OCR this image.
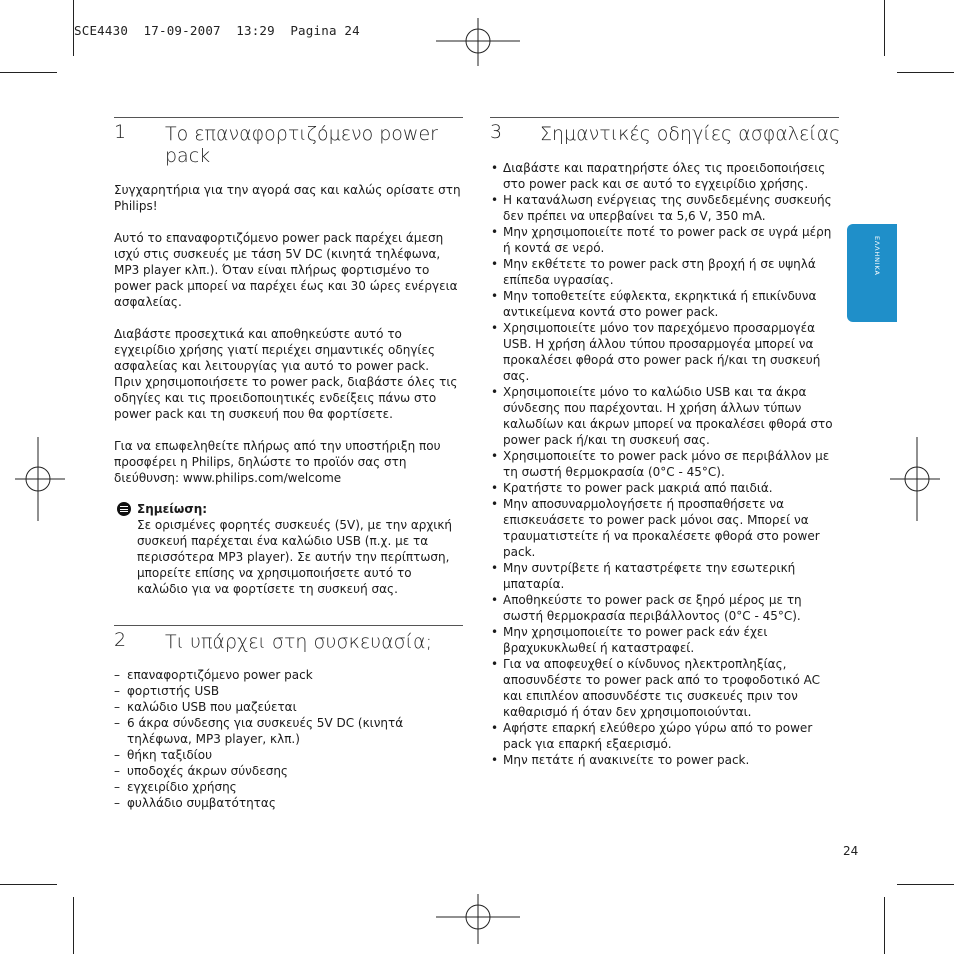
SCE4430  17-09-2007  13:29  Pagina 24
ΕΛΛΗΝΙΚΑ
1 Το επαναφορτιζόμενο power
pack

Συγχαρητήρια για την αγορά σας και καλώς ορίσατε στη Philips!

Αυτό το επαναφορτιζόμενο power pack παρέχει άμεση ισχύ στις συσκευές με τάση 5V DC (κινητά τηλέφωνα, MP3 player κλπ.). Όταν είναι πλήρως φορτισμένο το power pack μπορεί να παρέχει έως και 30 ώρες ενέργεια ασφαλείας.

Διαβάστε προσεχτικά και αποθηκεύστε αυτό το εγχειρίδιο χρήσης γιατί περιέχει σημαντικές οδηγίες ασφαλείας και λειτουργίας για αυτό το power pack.

Πριν χρησιμοποιήσετε το power pack, διαβάστε όλες τις οδηγίες και τις προειδοποιητικές ενδείξεις πάνω στο power pack και τη συσκευή που θα φορτίσετε.

Για να επωφεληθείτε πλήρως από την υποστήριξη που προσφέρει η Philips, δηλώστε το προϊόν σας στη διεύθυνση: www.philips.com/welcome

Σημείωση:
Σε ορισμένες φορητές συσκευές (5V), με την αρχική συσκευή παρέχεται ένα καλώδιο USB (π.χ. με τα περισσότερα MP3 player). Σε αυτήν την περίπτωση, μπορείτε επίσης να χρησιμοποιήσετε αυτό το καλώδιο για να φορτίσετε τη συσκευή σας.
2 Τι υπάρχει στη συσκευασία;
– επαναφορτιζόμενο power pack
– φορτιστής USB
– καλώδιο USB που μαζεύεται
– 6 άκρα σύνδεσης για συσκευές 5V DC (κινητά τηλέφωνα, MP3 player, κλπ.)
– θήκη ταξιδίου
– υποδοχές άκρων σύνδεσης
– εγχειρίδιο χρήσης
– φυλλάδιο συμβατότητας
3 Σημαντικές οδηγίες ασφαλείας
• Διαβάστε και παρατηρήστε όλες τις προειδοποιήσεις στο power pack και σε αυτό το εγχειρίδιο χρήσης.
• Η κατανάλωση ενέργειας της συνδεδεμένης συσκευής δεν πρέπει να υπερβαίνει τα 5,6 V, 350 mA.
• Μην χρησιμοποιείτε ποτέ το power pack σε υγρά μέρη ή κοντά σε νερό.
• Μην εκθέτετε το power pack στη βροχή ή σε υψηλά επίπεδα υγρασίας.
• Μην τοποθετείτε εύφλεκτα, εκρηκτικά ή επικίνδυνα αντικείμενα κοντά στο power pack.
• Χρησιμοποιείτε μόνο τον παρεχόμενο προσαρμογέα USB. Η χρήση άλλου τύπου προσαρμογέα μπορεί να προκαλέσει φθορά στο power pack ή/και τη συσκευή σας.
• Χρησιμοποιείτε μόνο το καλώδιο USB και τα άκρα σύνδεσης που παρέχονται. Η χρήση άλλων τύπων καλωδίων και άκρων μπορεί να προκαλέσει φθορά στο power pack ή/και τη συσκευή σας.
• Χρησιμοποιείτε το power pack μόνο σε περιβάλλον με τη σωστή θερμοκρασία (0°C - 45°C).
• Κρατήστε το power pack μακριά από παιδιά.
• Μην αποσυναρμολογήσετε ή προσπαθήσετε να επισκευάσετε το power pack μόνοι σας. Μπορεί να τραυματιστείτε ή να προκαλέσετε φθορά στο power pack.
• Μην συντρίβετε ή καταστρέφετε την εσωτερική μπαταρία.
• Αποθηκεύστε το power pack σε ξηρό μέρος με τη σωστή θερμοκρασία περιβάλλοντος (0°C - 45°C).
• Μην χρησιμοποιείτε το power pack εάν έχει βραχυκυκλωθεί ή καταστραφεί.
• Για να αποφευχθεί ο κίνδυνος ηλεκτροπληξίας, αποσυνδέστε το power pack από το τροφοδοτικό AC και επιπλέον αποσυνδέστε τις συσκευές πριν τον καθαρισμό ή όταν δεν χρησιμοποιούνται.
• Αφήστε επαρκή ελεύθερο χώρο γύρω από το power pack για επαρκή εξαερισμό.
• Μην πετάτε ή ανακινείτε το power pack.
24
